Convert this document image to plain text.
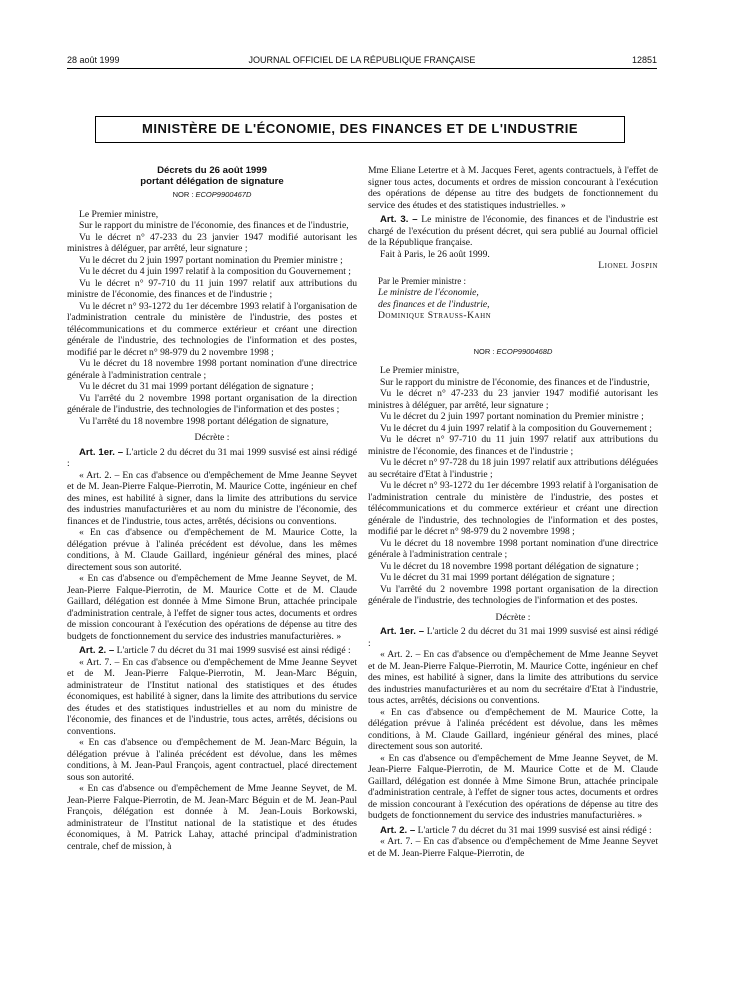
28 août 1999	JOURNAL OFFICIEL DE LA RÉPUBLIQUE FRANÇAISE	12851
MINISTÈRE DE L'ÉCONOMIE, DES FINANCES ET DE L'INDUSTRIE

Décrets du 26 août 1999

portant délégation de signature

NOR : ECOP9900467D

Le Premier ministre,

Sur le rapport du ministre de l'économie, des finances et de l'industrie,

Vu le décret n° 47-233 du 23 janvier 1947 modifié autorisant les ministres à déléguer, par arrêté, leur signature ;

Vu le décret du 2 juin 1997 portant nomination du Premier ministre ;

Vu le décret du 4 juin 1997 relatif à la composition du Gouvernement ;

Vu le décret n° 97-710 du 11 juin 1997 relatif aux attributions du ministre de l'économie, des finances et de l'industrie ;

Vu le décret n° 93-1272 du 1er décembre 1993 relatif à l'organisation de l'administration centrale du ministère de l'industrie, des postes et télécommunications et du commerce extérieur et créant une direction générale de l'industrie, des technologies de l'information et des postes, modifié par le décret n° 98-979 du 2 novembre 1998 ;

Vu le décret du 18 novembre 1998 portant nomination d'une directrice générale à l'administration centrale ;

Vu le décret du 31 mai 1999 portant délégation de signature ;

Vu l'arrêté du 2 novembre 1998 portant organisation de la direction générale de l'industrie, des technologies de l'information et des postes ;

Vu l'arrêté du 18 novembre 1998 portant délégation de signature,

Décrète :

Art. 1er. – L'article 2 du décret du 31 mai 1999 susvisé est ainsi rédigé :

« Art. 2. – En cas d'absence ou d'empêchement de Mme Jeanne Seyvet et de M. Jean-Pierre Falque-Pierrotin, M. Maurice Cotte, ingénieur en chef des mines, est habilité à signer, dans la limite des attributions du service des industries manufacturières et au nom du ministre de l'économie, des finances et de l'industrie, tous actes, arrêtés, décisions ou conventions.

« En cas d'absence ou d'empêchement de M. Maurice Cotte, la délégation prévue à l'alinéa précédent est dévolue, dans les mêmes conditions, à M. Claude Gaillard, ingénieur général des mines, placé directement sous son autorité.

« En cas d'absence ou d'empêchement de Mme Jeanne Seyvet, de M. Jean-Pierre Falque-Pierrotin, de M. Maurice Cotte et de M. Claude Gaillard, délégation est donnée à Mme Simone Brun, attachée principale d'administration centrale, à l'effet de signer tous actes, documents et ordres de mission concourant à l'exécution des opérations de dépense au titre des budgets de fonctionnement du service des industries manufacturières. »

Art. 2. – L'article 7 du décret du 31 mai 1999 susvisé est ainsi rédigé :

« Art. 7. – En cas d'absence ou d'empêchement de Mme Jeanne Seyvet et de M. Jean-Pierre Falque-Pierrotin, M. Jean-Marc Béguin, administrateur de l'Institut national des statistiques et des études économiques, est habilité à signer, dans la limite des attributions du service des études et des statistiques industrielles et au nom du ministre de l'économie, des finances et de l'industrie, tous actes, arrêtés, décisions ou conventions.

« En cas d'absence ou d'empêchement de M. Jean-Marc Béguin, la délégation prévue à l'alinéa précédent est dévolue, dans les mêmes conditions, à M. Jean-Paul François, agent contractuel, placé directement sous son autorité.

« En cas d'absence ou d'empêchement de Mme Jeanne Seyvet, de M. Jean-Pierre Falque-Pierrotin, de M. Jean-Marc Béguin et de M. Jean-Paul François, délégation est donnée à M. Jean-Louis Borkowski, administrateur de l'Institut national de la statistique et des études économiques, à M. Patrick Lahay, attaché principal d'administration centrale, chef de mission, à

Mme Eliane Letertre et à M. Jacques Feret, agents contractuels, à l'effet de signer tous actes, documents et ordres de mission concourant à l'exécution des opérations de dépense au titre des budgets de fonctionnement du service des études et des statistiques industrielles. »

Art. 3. – Le ministre de l'économie, des finances et de l'industrie est chargé de l'exécution du présent décret, qui sera publié au Journal officiel de la République française.

Fait à Paris, le 26 août 1999.

Lionel Jospin

Par le Premier ministre :

Le ministre de l'économie,

des finances et de l'industrie,

Dominique Strauss-Kahn

NOR : ECOP9900468D

Le Premier ministre,

Sur le rapport du ministre de l'économie, des finances et de l'industrie,

Vu le décret n° 47-233 du 23 janvier 1947 modifié autorisant les ministres à déléguer, par arrêté, leur signature ;

Vu le décret du 2 juin 1997 portant nomination du Premier ministre ;

Vu le décret du 4 juin 1997 relatif à la composition du Gouvernement ;

Vu le décret n° 97-710 du 11 juin 1997 relatif aux attributions du ministre de l'économie, des finances et de l'industrie ;

Vu le décret n° 97-728 du 18 juin 1997 relatif aux attributions déléguées au secrétaire d'Etat à l'industrie ;

Vu le décret n° 93-1272 du 1er décembre 1993 relatif à l'organisation de l'administration centrale du ministère de l'industrie, des postes et télécommunications et du commerce extérieur et créant une direction générale de l'industrie, des technologies de l'information et des postes, modifié par le décret n° 98-979 du 2 novembre 1998 ;

Vu le décret du 18 novembre 1998 portant nomination d'une directrice générale à l'administration centrale ;

Vu le décret du 18 novembre 1998 portant délégation de signature ;

Vu le décret du 31 mai 1999 portant délégation de signature ;

Vu l'arrêté du 2 novembre 1998 portant organisation de la direction générale de l'industrie, des technologies de l'information et des postes.

Décrète :

Art. 1er. – L'article 2 du décret du 31 mai 1999 susvisé est ainsi rédigé :

« Art. 2. – En cas d'absence ou d'empêchement de Mme Jeanne Seyvet et de M. Jean-Pierre Falque-Pierrotin, M. Maurice Cotte, ingénieur en chef des mines, est habilité à signer, dans la limite des attributions du service des industries manufacturières et au nom du secrétaire d'Etat à l'industrie, tous actes, arrêtés, décisions ou conventions.

« En cas d'absence ou d'empêchement de M. Maurice Cotte, la délégation prévue à l'alinéa précédent est dévolue, dans les mêmes conditions, à M. Claude Gaillard, ingénieur général des mines, placé directement sous son autorité.

« En cas d'absence ou d'empêchement de Mme Jeanne Seyvet, de M. Jean-Pierre Falque-Pierrotin, de M. Maurice Cotte et de M. Claude Gaillard, délégation est donnée à Mme Simone Brun, attachée principale d'administration centrale, à l'effet de signer tous actes, documents et ordres de mission concourant à l'exécution des opérations de dépense au titre des budgets de fonctionnement du service des industries manufacturières. »

Art. 2. – L'article 7 du décret du 31 mai 1999 susvisé est ainsi rédigé :

« Art. 7. – En cas d'absence ou d'empêchement de Mme Jeanne Seyvet et de M. Jean-Pierre Falque-Pierrotin, de
